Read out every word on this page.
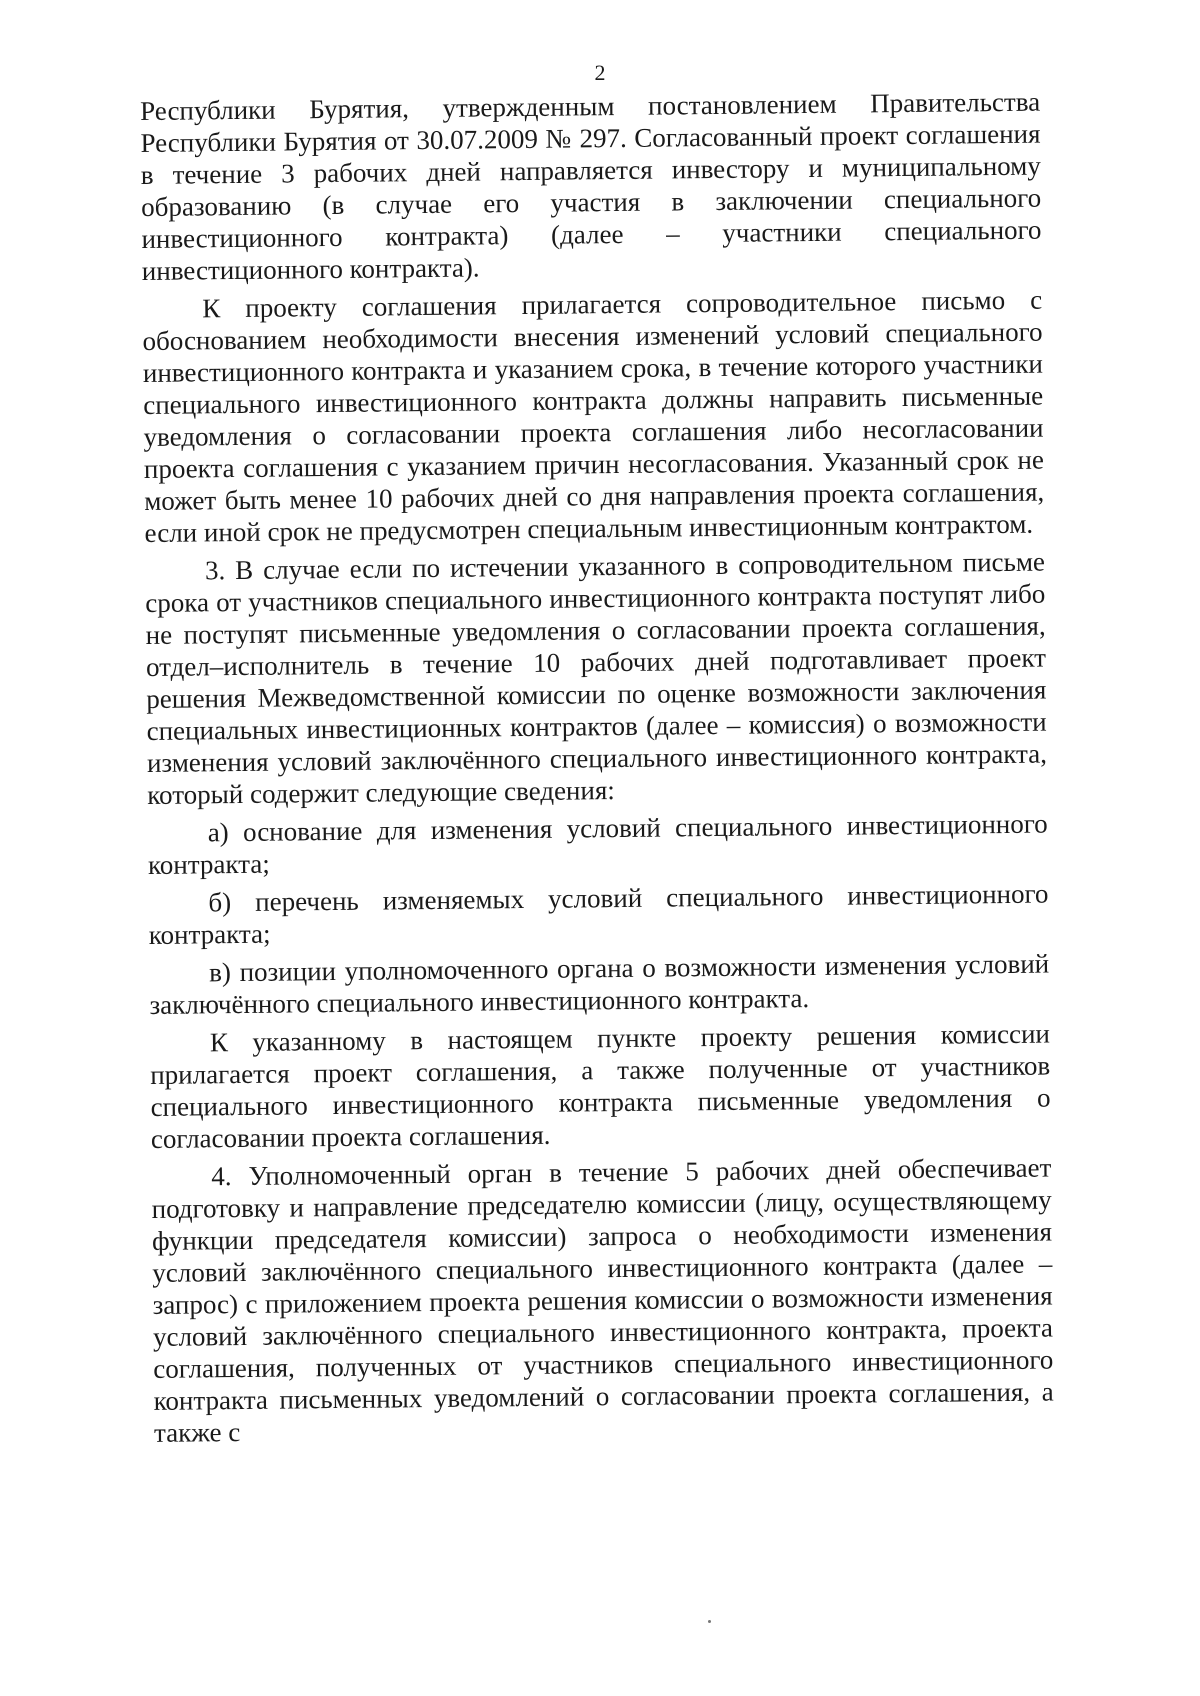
2

Республики Бурятия, утвержденным постановлением Правительства Республики Бурятия от 30.07.2009 № 297. Согласованный проект соглашения в течение 3 рабочих дней направляется инвестору и муниципальному образованию (в случае его участия в заключении специального инвестиционного контракта) (далее – участники специального инвестиционного контракта).

К проекту соглашения прилагается сопроводительное письмо с обоснованием необходимости внесения изменений условий специального инвестиционного контракта и указанием срока, в течение которого участники специального инвестиционного контракта должны направить письменные уведомления о согласовании проекта соглашения либо несогласовании проекта соглашения с указанием причин несогласования. Указанный срок не может быть менее 10 рабочих дней со дня направления проекта соглашения, если иной срок не предусмотрен специальным инвестиционным контрактом.

3. В случае если по истечении указанного в сопроводительном письме срока от участников специального инвестиционного контракта поступят либо не поступят письменные уведомления о согласовании проекта соглашения, отдел–исполнитель в течение 10 рабочих дней подготавливает проект решения Межведомственной комиссии по оценке возможности заключения специальных инвестиционных контрактов (далее – комиссия) о возможности изменения условий заключённого специального инвестиционного контракта, который содержит следующие сведения:

а) основание для изменения условий специального инвестиционного контракта;

б) перечень изменяемых условий специального инвестиционного контракта;

в) позиции уполномоченного органа о возможности изменения условий заключённого специального инвестиционного контракта.

К указанному в настоящем пункте проекту решения комиссии прилагается проект соглашения, а также полученные от участников специального инвестиционного контракта письменные уведомления о согласовании проекта соглашения.

4. Уполномоченный орган в течение 5 рабочих дней обеспечивает подготовку и направление председателю комиссии (лицу, осуществляющему функции председателя комиссии) запроса о необходимости изменения условий заключённого специального инвестиционного контракта (далее – запрос) с приложением проекта решения комиссии о возможности изменения условий заключённого специального инвестиционного контракта, проекта соглашения, полученных от участников специального инвестиционного контракта письменных уведомлений о согласовании проекта соглашения, а также с
